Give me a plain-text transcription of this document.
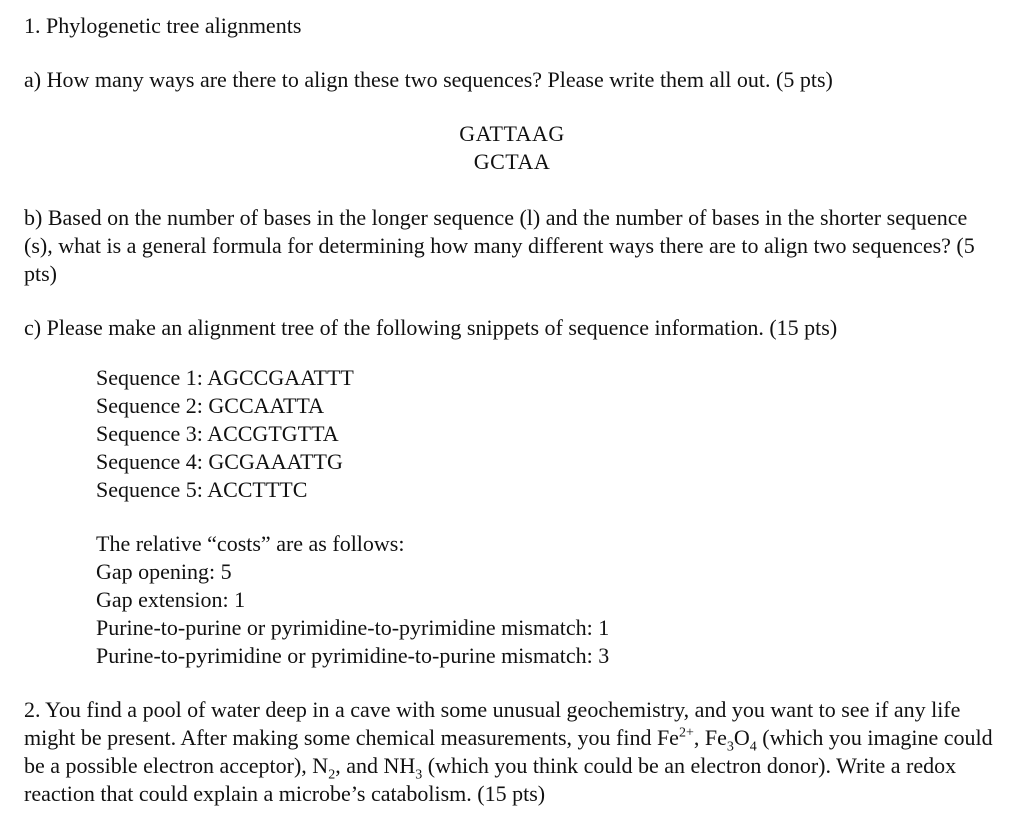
1. Phylogenetic tree alignments

a) How many ways are there to align these two sequences? Please write them all out. (5 pts)

GATTAAG
GCTAA

b) Based on the number of bases in the longer sequence (l) and the number of bases in the shorter sequence (s), what is a general formula for determining how many different ways there are to align two sequences? (5 pts)

c) Please make an alignment tree of the following snippets of sequence information. (15 pts)

Sequence 1: AGCCGAATTT
Sequence 2: GCCAATTA
Sequence 3: ACCGTGTTA
Sequence 4: GCGAAATTG
Sequence 5: ACCTTTC
The relative “costs” are as follows:
Gap opening: 5
Gap extension: 1
Purine-to-purine or pyrimidine-to-pyrimidine mismatch: 1
Purine-to-pyrimidine or pyrimidine-to-purine mismatch: 3

2. You find a pool of water deep in a cave with some unusual geochemistry, and you want to see if any life might be present. After making some chemical measurements, you find $Fe^{2+}$, $Fe_3O_4$ (which you imagine could be a possible electron acceptor), $N_2$, and $NH_3$ (which you think could be an electron donor). Write a redox reaction that could explain a microbe’s catabolism. (15 pts)
